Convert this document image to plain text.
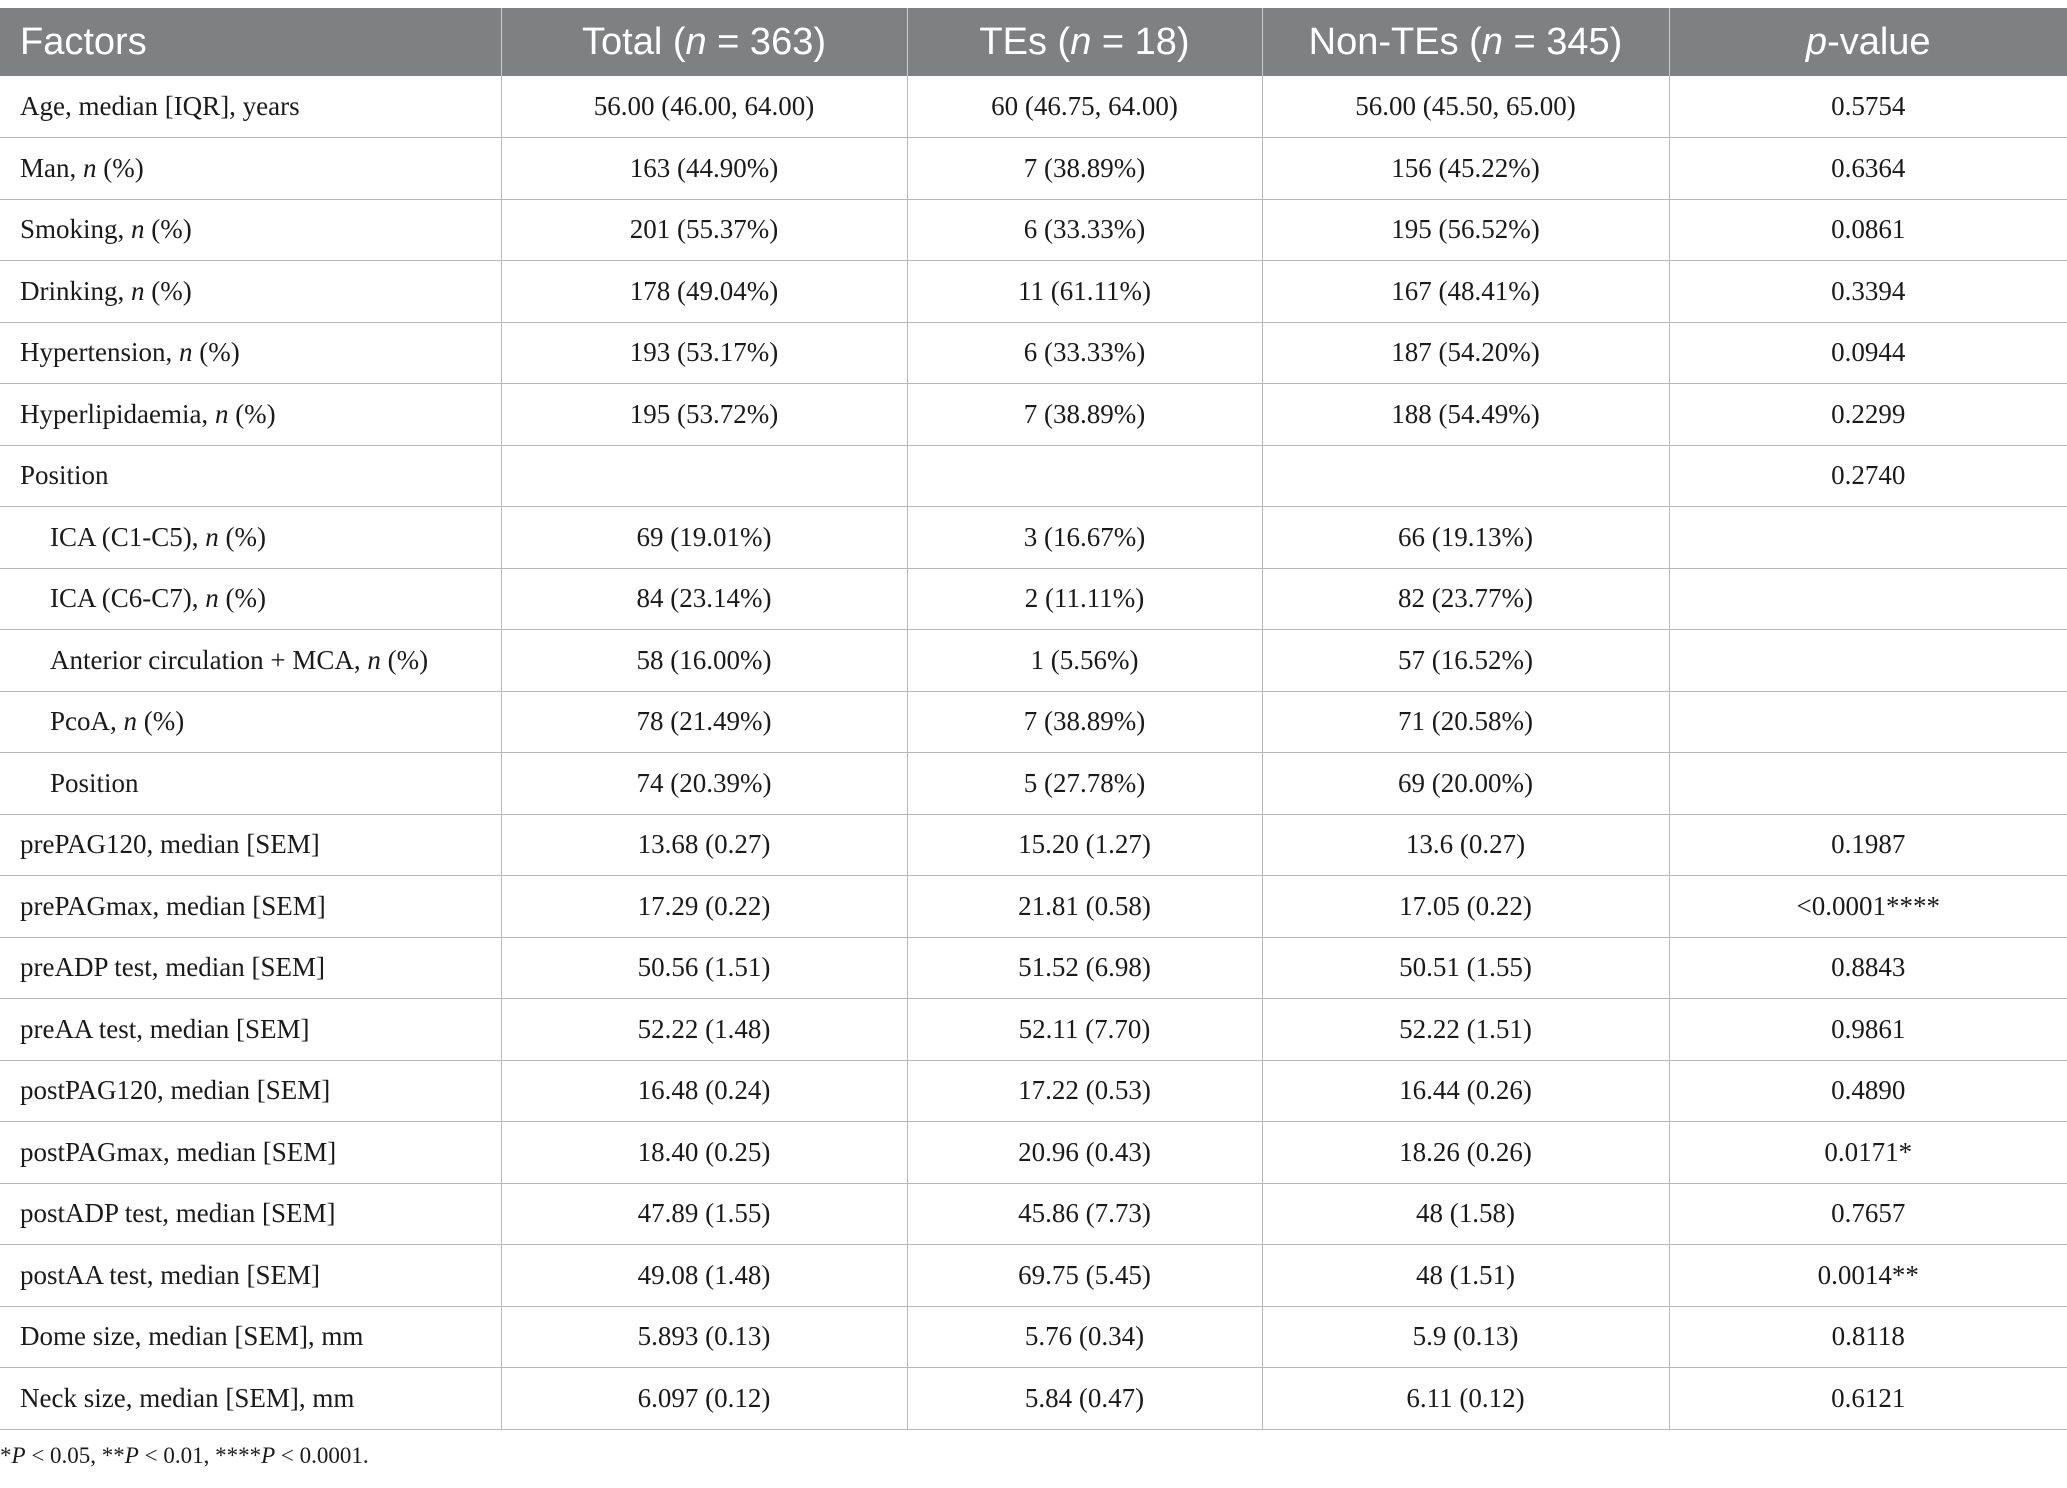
Factors	Total (n = 363)	TEs (n = 18)	Non-TEs (n = 345)	p-value
Age, median [IQR], years	56.00 (46.00, 64.00)	60 (46.75, 64.00)	56.00 (45.50, 65.00)	0.5754
Man, n (%)	163 (44.90%)	7 (38.89%)	156 (45.22%)	0.6364
Smoking, n (%)	201 (55.37%)	6 (33.33%)	195 (56.52%)	0.0861
Drinking, n (%)	178 (49.04%)	11 (61.11%)	167 (48.41%)	0.3394
Hypertension, n (%)	193 (53.17%)	6 (33.33%)	187 (54.20%)	0.0944
Hyperlipidaemia, n (%)	195 (53.72%)	7 (38.89%)	188 (54.49%)	0.2299
Position				0.2740
ICA (C1-C5), n (%)	69 (19.01%)	3 (16.67%)	66 (19.13%)	
ICA (C6-C7), n (%)	84 (23.14%)	2 (11.11%)	82 (23.77%)	
Anterior circulation + MCA, n (%)	58 (16.00%)	1 (5.56%)	57 (16.52%)	
PcoA, n (%)	78 (21.49%)	7 (38.89%)	71 (20.58%)	
Position	74 (20.39%)	5 (27.78%)	69 (20.00%)	
prePAG120, median [SEM]	13.68 (0.27)	15.20 (1.27)	13.6 (0.27)	0.1987
prePAGmax, median [SEM]	17.29 (0.22)	21.81 (0.58)	17.05 (0.22)	<0.0001****
preADP test, median [SEM]	50.56 (1.51)	51.52 (6.98)	50.51 (1.55)	0.8843
preAA test, median [SEM]	52.22 (1.48)	52.11 (7.70)	52.22 (1.51)	0.9861
postPAG120, median [SEM]	16.48 (0.24)	17.22 (0.53)	16.44 (0.26)	0.4890
postPAGmax, median [SEM]	18.40 (0.25)	20.96 (0.43)	18.26 (0.26)	0.0171*
postADP test, median [SEM]	47.89 (1.55)	45.86 (7.73)	48 (1.58)	0.7657
postAA test, median [SEM]	49.08 (1.48)	69.75 (5.45)	48 (1.51)	0.0014**
Dome size, median [SEM], mm	5.893 (0.13)	5.76 (0.34)	5.9 (0.13)	0.8118
Neck size, median [SEM], mm	6.097 (0.12)	5.84 (0.47)	6.11 (0.12)	0.6121
*P < 0.05, **P < 0.01, ****P < 0.0001.
